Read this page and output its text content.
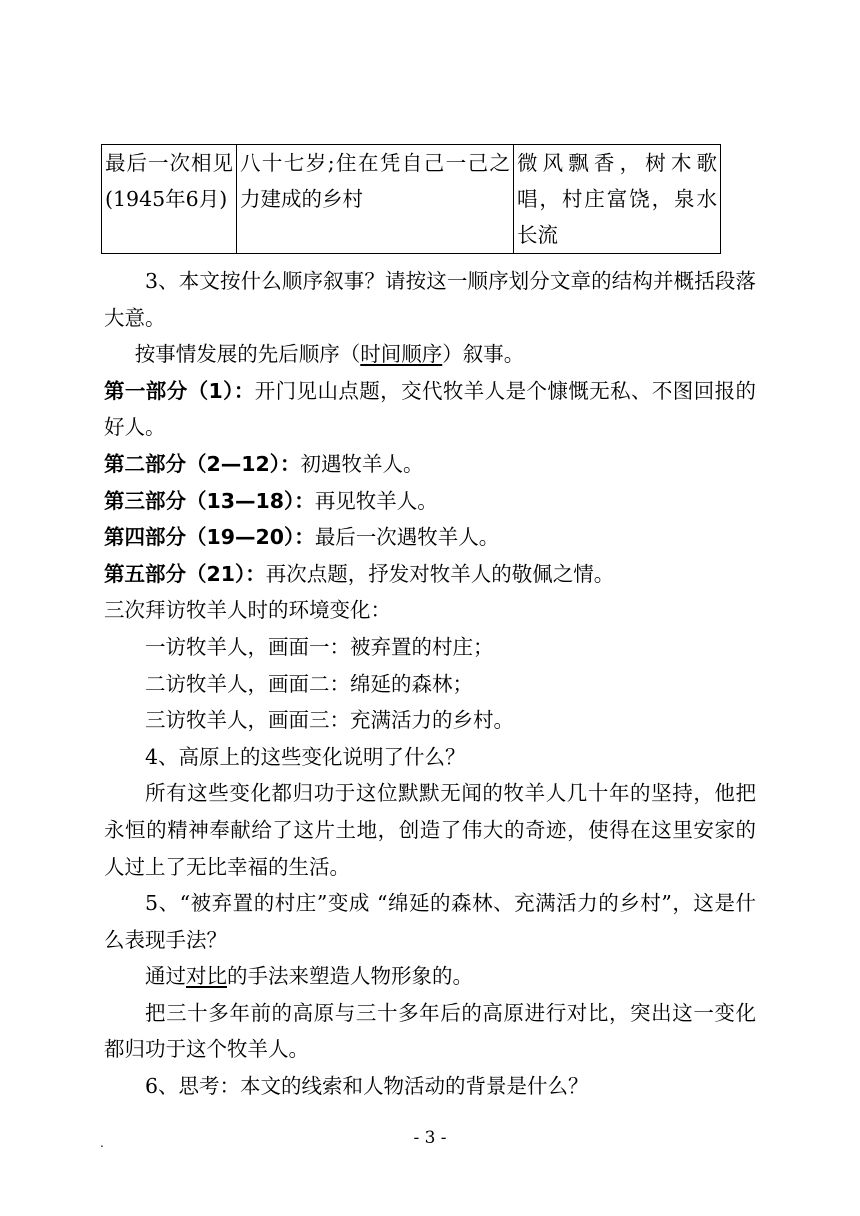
最后一次相见(1945年6月)	八十七岁;住在凭自己一己之力建成的乡村	微风飘香，树木歌唱，村庄富饶，泉水长流

3、本文按什么顺序叙事？请按这一顺序划分文章的结构并概括段落大意。

按事情发展的先后顺序（时间顺序）叙事。

第一部分（1）：开门见山点题，交代牧羊人是个慷慨无私、不图回报的好人。

第二部分（2—12）：初遇牧羊人。

第三部分（13—18）：再见牧羊人。

第四部分（19—20）：最后一次遇牧羊人。

第五部分（21）：再次点题，抒发对牧羊人的敬佩之情。

三次拜访牧羊人时的环境变化：

一访牧羊人，画面一：被弃置的村庄；

二访牧羊人，画面二：绵延的森林；

三访牧羊人，画面三：充满活力的乡村。

4、高原上的这些变化说明了什么？

所有这些变化都归功于这位默默无闻的牧羊人几十年的坚持，他把永恒的精神奉献给了这片土地，创造了伟大的奇迹，使得在这里安家的人过上了无比幸福的生活。

5、“被弃置的村庄”变成 “绵延的森林、充满活力的乡村”，这是什么表现手法？

通过对比的手法来塑造人物形象的。

把三十多年前的高原与三十多年后的高原进行对比，突出这一变化都归功于这个牧羊人。

6、思考：本文的线索和人物活动的背景是什么？

.	- 3 -
